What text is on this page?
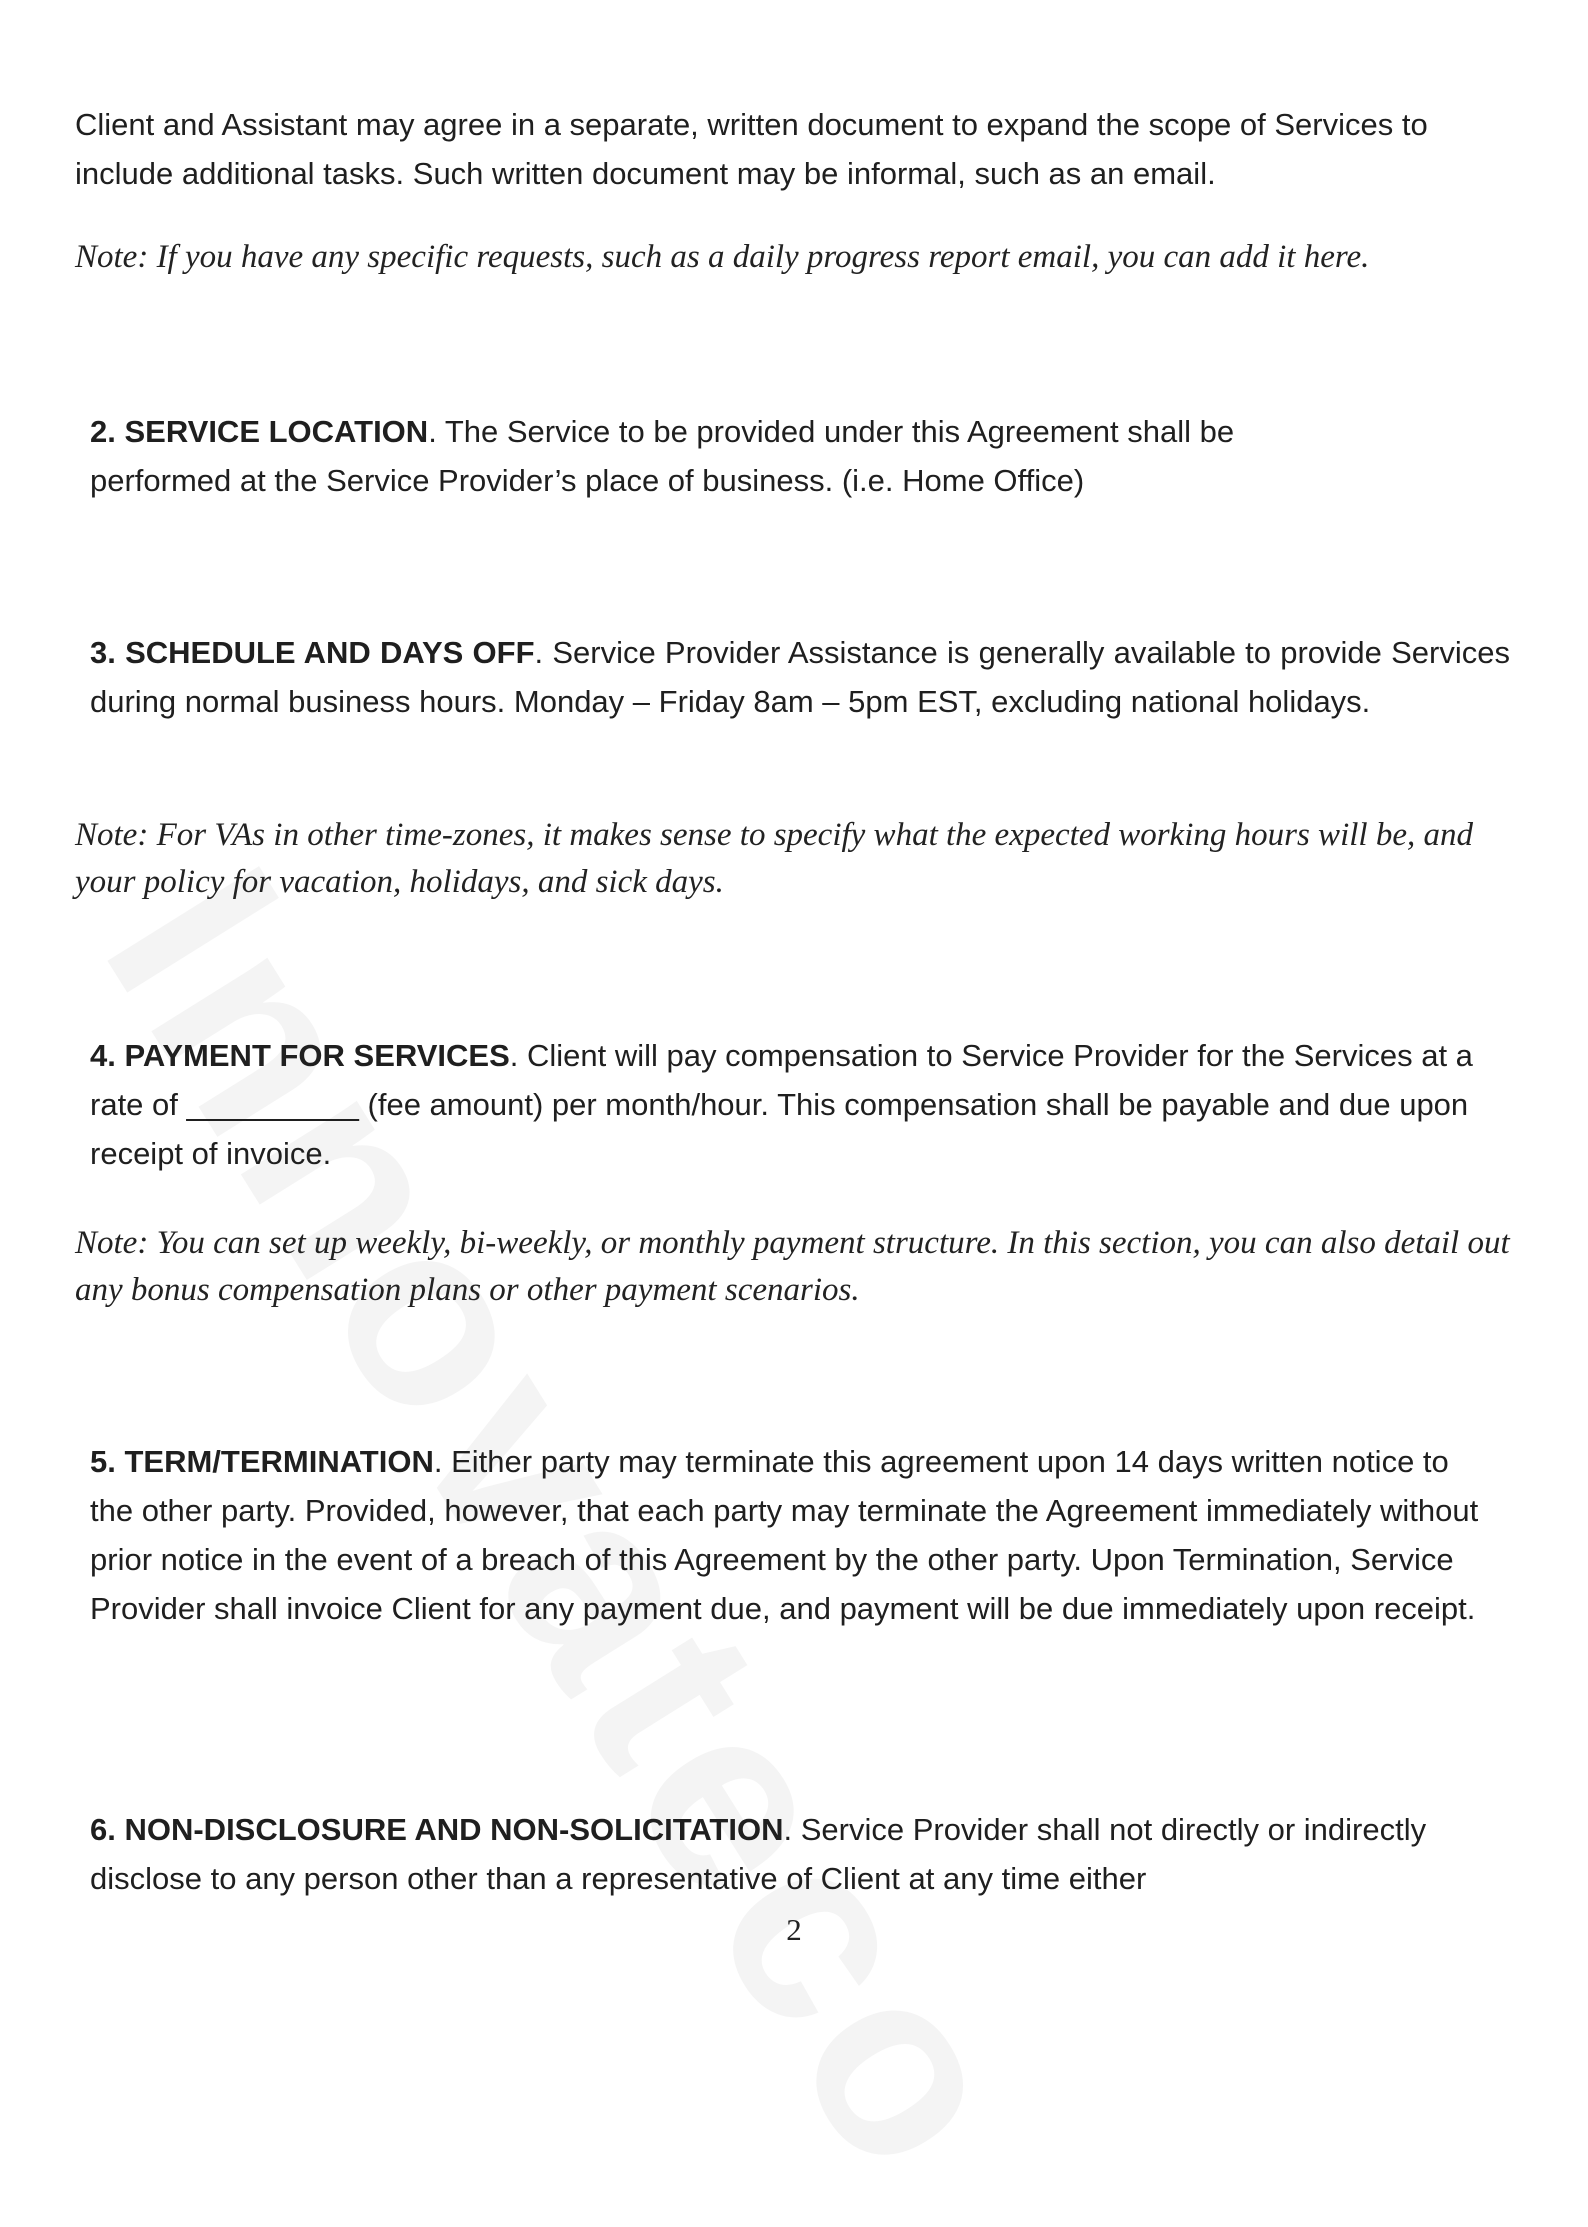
Client and Assistant may agree in a separate, written document to expand the scope of Services to include additional tasks. Such written document may be informal, such as an email.
Note: If you have any specific requests, such as a daily progress report email, you can add it here.
2. SERVICE LOCATION. The Service to be provided under this Agreement shall be performed at the Service Provider’s place of business. (i.e. Home Office)
3. SCHEDULE AND DAYS OFF. Service Provider Assistance is generally available to provide Services during normal business hours. Monday – Friday 8am – 5pm EST, excluding national holidays.
Note: For VAs in other time-zones, it makes sense to specify what the expected working hours will be, and your policy for vacation, holidays, and sick days.
4. PAYMENT FOR SERVICES. Client will pay compensation to Service Provider for the Services at a rate of __________ (fee amount) per month/hour. This compensation shall be payable and due upon receipt of invoice.
Note: You can set up weekly, bi-weekly, or monthly payment structure. In this section, you can also detail out any bonus compensation plans or other payment scenarios.
5. TERM/TERMINATION. Either party may terminate this agreement upon 14 days written notice to the other party. Provided, however, that each party may terminate the Agreement immediately without prior notice in the event of a breach of this Agreement by the other party. Upon Termination, Service Provider shall invoice Client for any payment due, and payment will be due immediately upon receipt.
6. NON-DISCLOSURE AND NON-SOLICITATION. Service Provider shall not directly or indirectly disclose to any person other than a representative of Client at any time either
2
